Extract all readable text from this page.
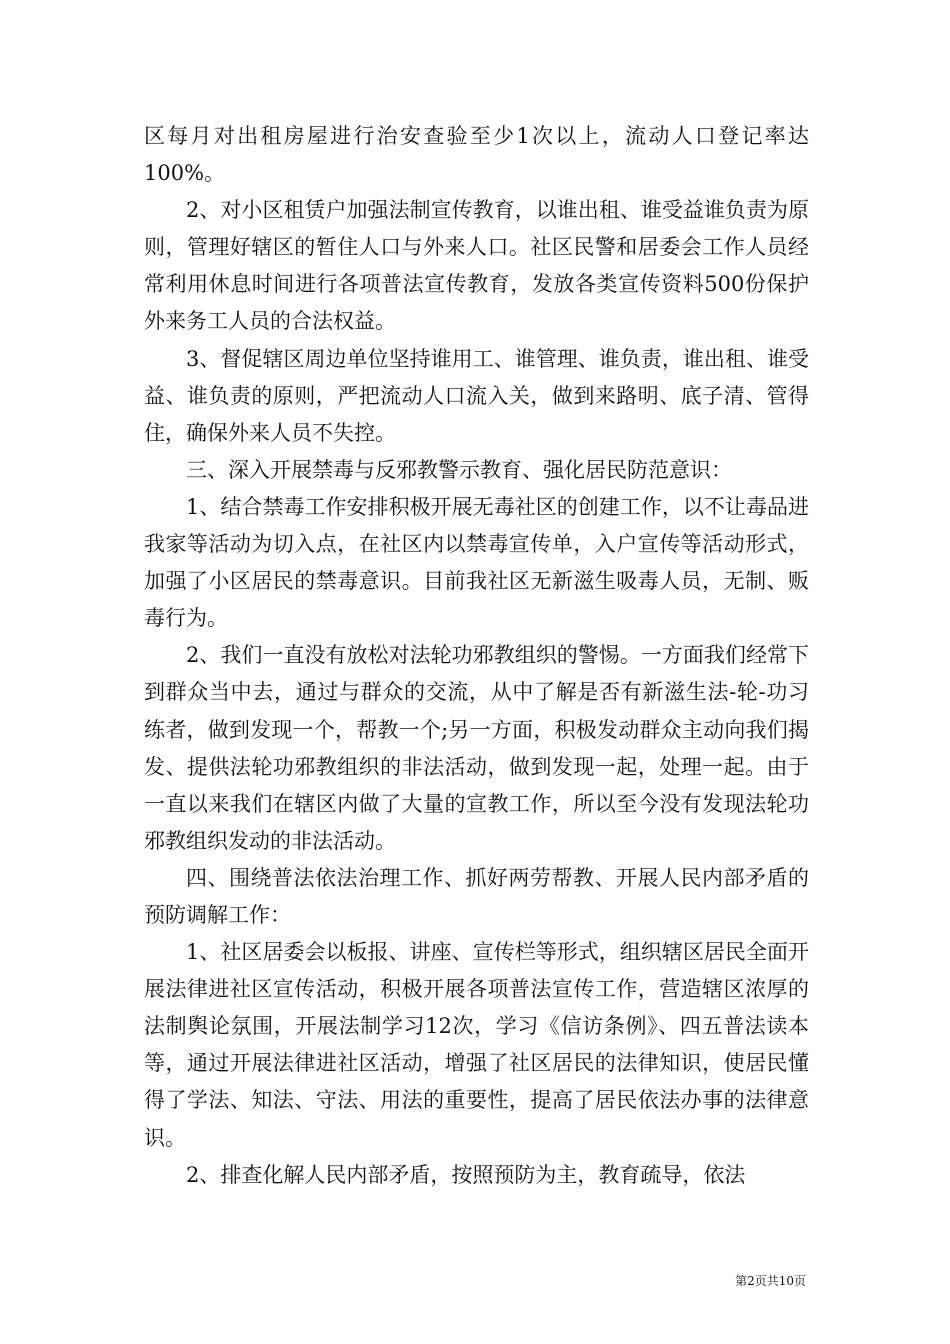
区每月对出租房屋进行治安查验至少1次以上，流动人口登记率达100%。

2、对小区租赁户加强法制宣传教育，以谁出租、谁受益谁负责为原则，管理好辖区的暂住人口与外来人口。社区民警和居委会工作人员经常利用休息时间进行各项普法宣传教育，发放各类宣传资料500份保护外来务工人员的合法权益。

3、督促辖区周边单位坚持谁用工、谁管理、谁负责，谁出租、谁受益、谁负责的原则，严把流动人口流入关，做到来路明、底子清、管得住，确保外来人员不失控。

三、深入开展禁毒与反邪教警示教育、强化居民防范意识：

1、结合禁毒工作安排积极开展无毒社区的创建工作，以不让毒品进我家等活动为切入点，在社区内以禁毒宣传单，入户宣传等活动形式，加强了小区居民的禁毒意识。目前我社区无新滋生吸毒人员，无制、贩毒行为。

2、我们一直没有放松对法轮功邪教组织的警惕。一方面我们经常下到群众当中去，通过与群众的交流，从中了解是否有新滋生法-轮-功习练者，做到发现一个，帮教一个;另一方面，积极发动群众主动向我们揭发、提供法轮功邪教组织的非法活动，做到发现一起，处理一起。由于一直以来我们在辖区内做了大量的宣教工作，所以至今没有发现法轮功邪教组织发动的非法活动。

四、围绕普法依法治理工作、抓好两劳帮教、开展人民内部矛盾的预防调解工作：

1、社区居委会以板报、讲座、宣传栏等形式，组织辖区居民全面开展法律进社区宣传活动，积极开展各项普法宣传工作，营造辖区浓厚的法制舆论氛围，开展法制学习12次，学习《信访条例》、四五普法读本等，通过开展法律进社区活动，增强了社区居民的法律知识，使居民懂得了学法、知法、守法、用法的重要性，提高了居民依法办事的法律意识。

2、排查化解人民内部矛盾，按照预防为主，教育疏导，依法

第2页共10页
